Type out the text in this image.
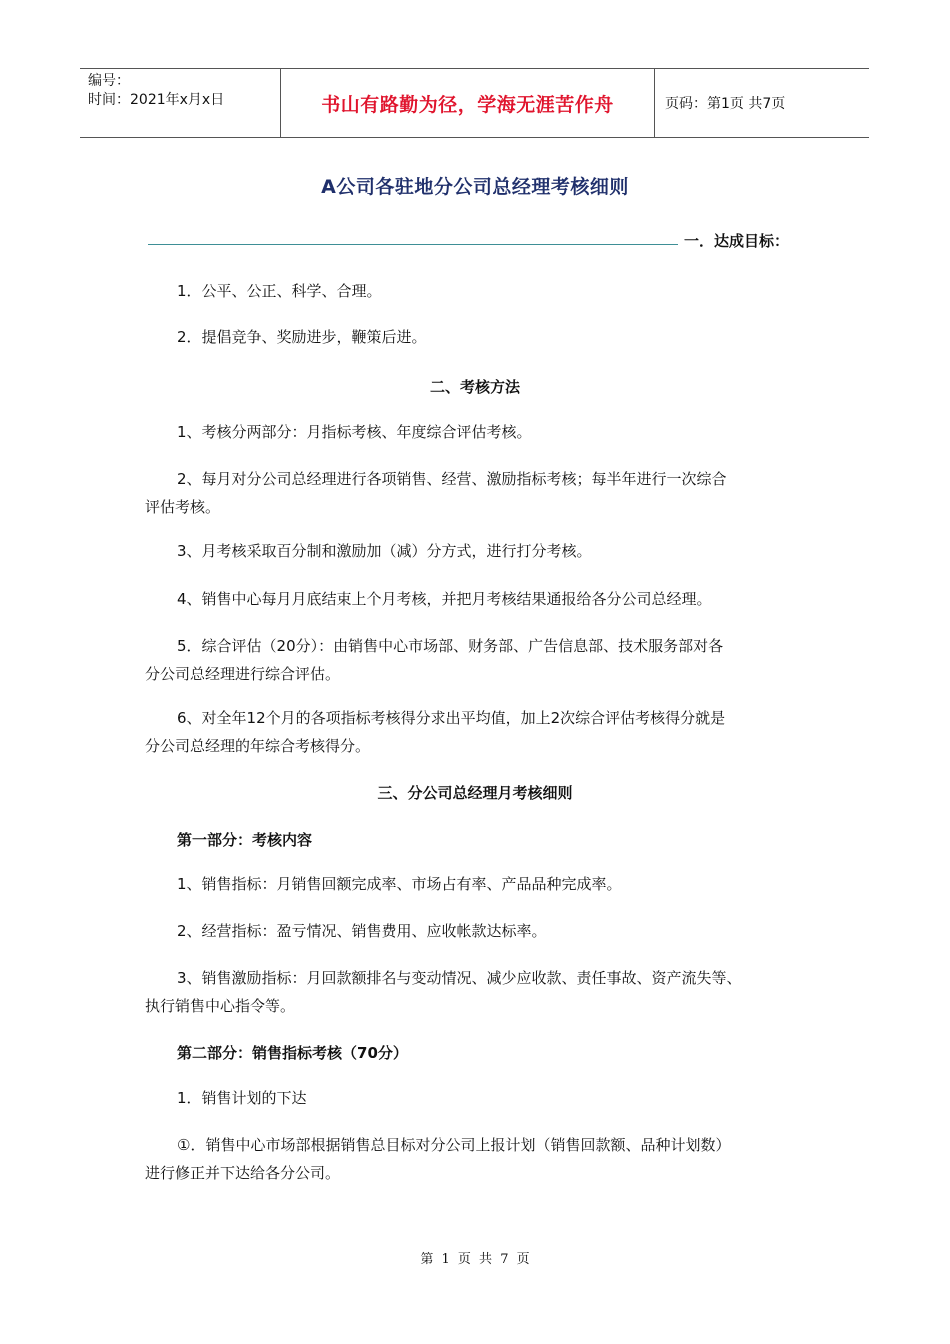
编号：
时间：2021年x月x日	书山有路勤为径，学海无涯苦作舟	页码：第1页 共7页
A公司各驻地分公司总经理考核细则
一．达成目标：
1．公平、公正、科学、合理。
2．提倡竞争、奖励进步，鞭策后进。
二、考核方法
1、考核分两部分：月指标考核、年度综合评估考核。
2、每月对分公司总经理进行各项销售、经营、激励指标考核；每半年进行一次综合
评估考核。
3、月考核采取百分制和激励加（减）分方式，进行打分考核。
4、销售中心每月月底结束上个月考核，并把月考核结果通报给各分公司总经理。
5．综合评估（20分）：由销售中心市场部、财务部、广告信息部、技术服务部对各
分公司总经理进行综合评估。
6、对全年12个月的各项指标考核得分求出平均值，加上2次综合评估考核得分就是
分公司总经理的年综合考核得分。
三、分公司总经理月考核细则
第一部分：考核内容
1、销售指标：月销售回额完成率、市场占有率、产品品种完成率。
2、经营指标：盈亏情况、销售费用、应收帐款达标率。
3、销售激励指标：月回款额排名与变动情况、减少应收款、责任事故、资产流失等、
执行销售中心指令等。
第二部分：销售指标考核（70分）
1．销售计划的下达
①．销售中心市场部根据销售总目标对分公司上报计划（销售回款额、品种计划数）
进行修正并下达给各分公司。
第 1 页 共 7 页
